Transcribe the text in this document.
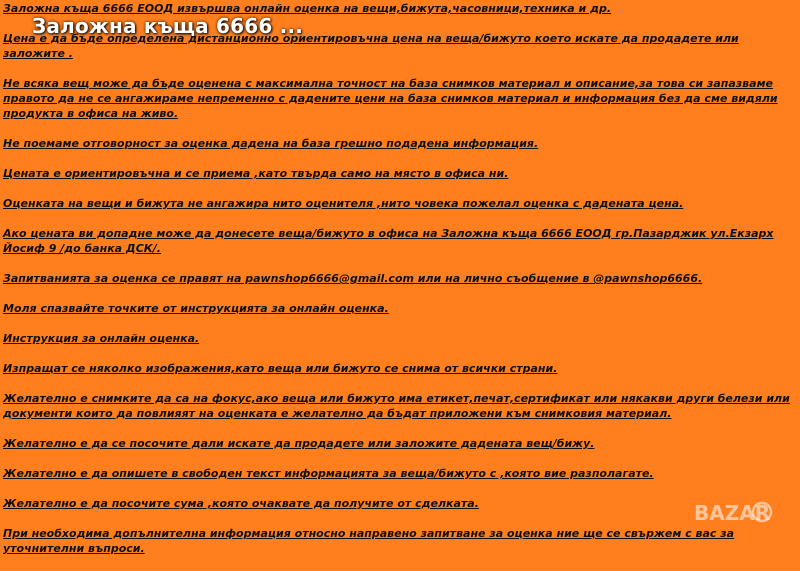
Заложна къща 6666 ЕООД извършва онлайн оценка на вещи,бижута,часовници,техника и др.

Цена е да бъде определена дистанционно ориентировъчна цена на веща/бижуто което искате да продадете или заложите .

Не всяка вещ може да бъде оценена с максимална точност на база снимков материал и описание,за това си запазваме правото да не се ангажираме непременно с дадените цени на база снимков материал и информация без да сме видяли продукта в офиса на живо.

Не поемаме отговорност за оценка дадена на база грешно подадена информация.

Цената е ориентировъчна и се приема ,като твърда само на място в офиса ни.

Оценката на вещи и бижута не ангажира нито оценителя ,нито човека пожелал оценка с дадената цена.

Ако цената ви допадне може да донесете веща/бижуто в офиса на Заложна къща 6666 ЕООД гр.Пазарджик ул.Екзарх Йосиф 9 /до банка ДСК/.

Запитванията за оценка се правят на pawnshop6666@gmail.com или на лично съобщение в @pawnshop6666.

Моля спазвайте точките от инструкцията за онлайн оценка.

Инструкция за онлайн оценка.

Изпращат се няколко изображения,като веща или бижуто се снима от всички страни.

Желателно е снимките да са на фокус,ако веща или бижуто има етикет,печат,сертификат или някакви други белези или документи които да повлияят на оценката е желателно да бъдат приложени към снимковия материал.

Желателно е да се посочите дали искате да продадете или заложите дадената вещ/бижу.

Желателно е да опишете в свободен текст информацията за веща/бижуто с ,която вие разполагате.

Желателно е да посочите сума ,която очаквате да получите от сделката.

При необходима допълнителна информация относно направено запитване за оценка ние ще се свържем с вас за уточнителни въпроси.

Заложна къща 6666 ...
BAZAR
